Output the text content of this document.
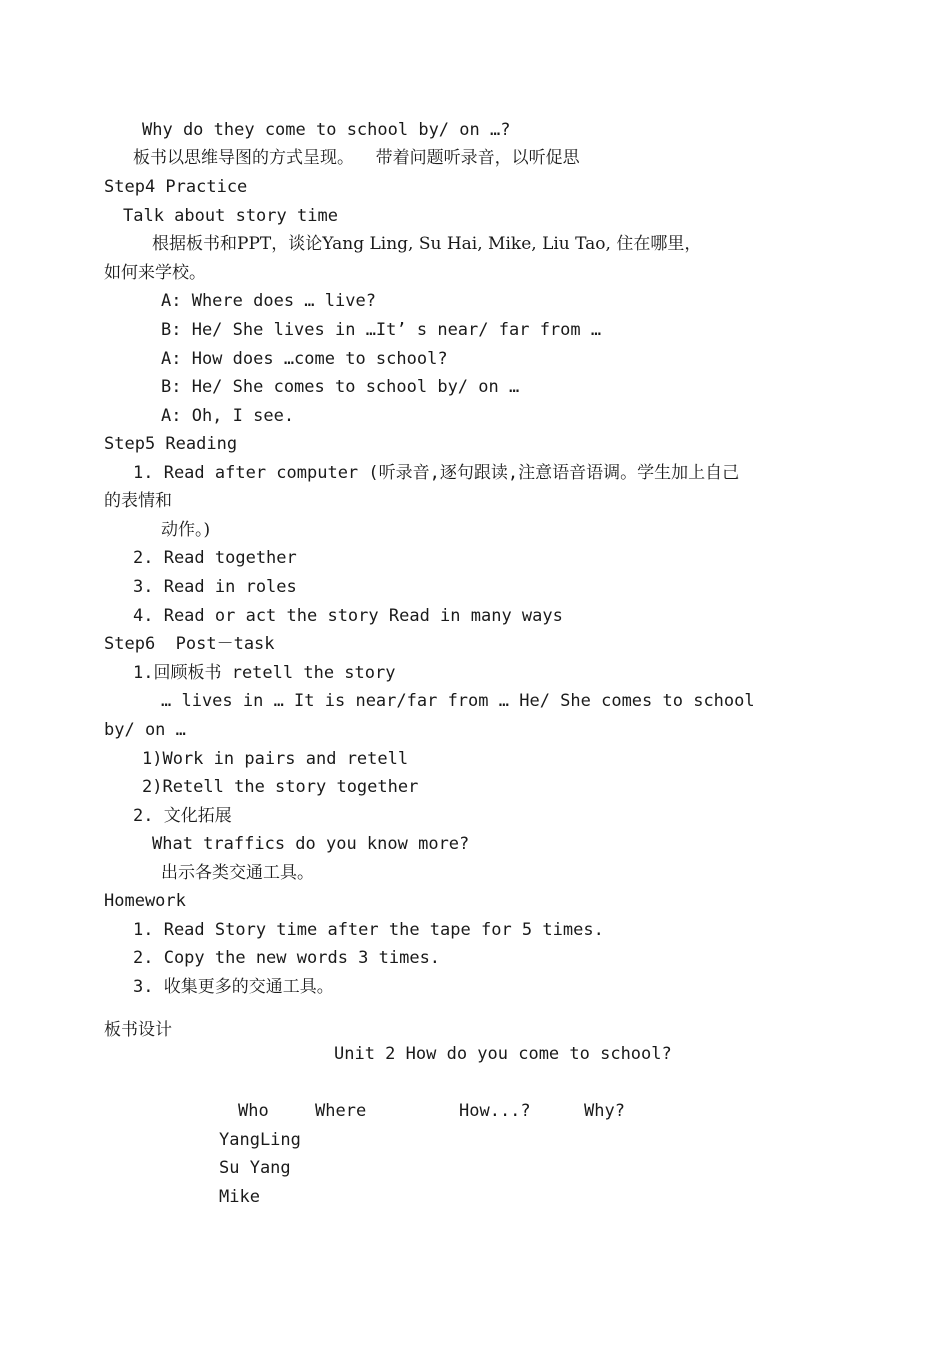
Why do they come to school by/ on …?
板书以思维导图的方式呈现。    带着问题听录音，以听促思
Step4 Practice
Talk about story time
根据板书和PPT，谈论Yang Ling, Su Hai, Mike, Liu Tao, 住在哪里，
如何来学校。
A: Where does … live?
B: He/ She lives in …It’ s near/ far from …
A: How does …come to school?
B: He/ She comes to school by/ on …
A: Oh, I see.
Step5 Reading
1. Read after computer (听录音,逐句跟读,注意语音语调。学生加上自己
的表情和
动作。)
2. Read together
3. Read in roles
4. Read or act the story Read in many ways
Step6  Post－task
1.回顾板书 retell the story
… lives in … It is near/far from … He/ She comes to school
by/ on …
1)Work in pairs and retell
2)Retell the story together
2. 文化拓展
What traffics do you know more?
出示各类交通工具。
Homework
1. Read Story time after the tape for 5 times.
2. Copy the new words 3 times.
3. 收集更多的交通工具。
板书设计
Unit 2 How do you come to school?
Who	Where	How...?	Why?
YangLing
Su Yang
Mike
